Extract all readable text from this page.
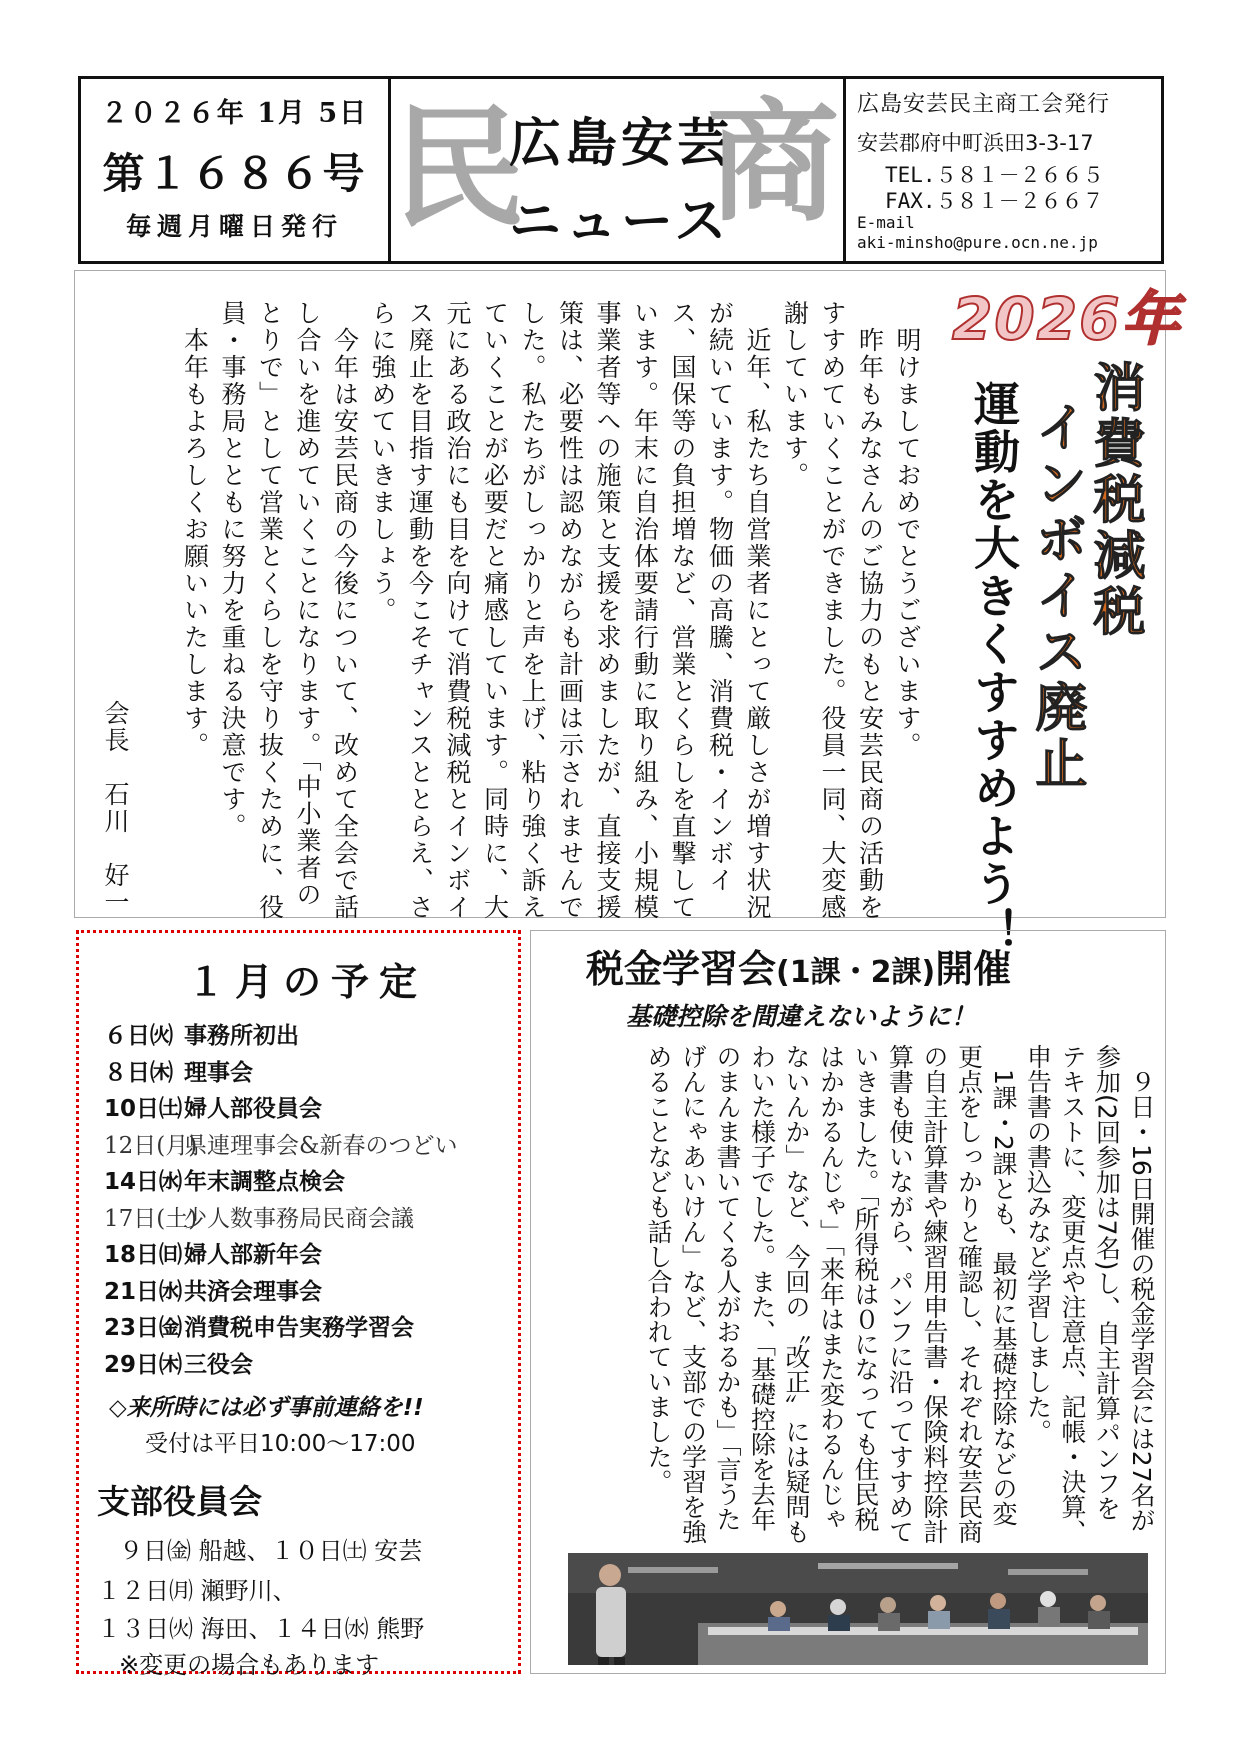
２０２６年 1月 5日
第１６８６号
毎週月曜日発行 民
広島安芸
ニュース
商 広島安芸民主商工会発行
安芸郡府中町浜田3-3-17
TEL.５８１－２６６５
FAX.５８１－２６６７
E-mail
aki-minsho@pure.ocn.ne.jp
2026年
消費税減税
インボイス廃止
運動を大きくすすめよう！
　明けましておめでとうございます。
　昨年もみなさんのご協力のもと安芸民商の活動を
すすめていくことができました。役員一同、大変感
謝しています。
　近年、私たち自営業者にとって厳しさが増す状況
が続いています。物価の高騰、消費税・インボイ
ス、国保等の負担増など、営業とくらしを直撃して
います。年末に自治体要請行動に取り組み、小規模
事業者等への施策と支援を求めましたが、直接支援
策は、必要性は認めながらも計画は示されませんで
した。私たちがしっかりと声を上げ、粘り強く訴え
ていくことが必要だと痛感しています。同時に、大
元にある政治にも目を向けて消費税減税とインボイ
ス廃止を目指す運動を今こそチャンスととらえ、さ
らに強めていきましょう。
　今年は安芸民商の今後について、改めて全会で話
し合いを進めていくことになります。「中小業者の
とりで」として営業とくらしを守り抜くために、役
員・事務局とともに努力を重ねる決意です。
　本年もよろしくお願いいたします。
会長　石川　好一
１月の予定
６日㈫ 事務所初出
８日㈭ 理事会
10日㈯婦人部役員会
12日(月)県連理事会&新春のつどい
14日㈬年末調整点検会
17日(土)少人数事務局民商会議
18日㈰婦人部新年会
21日㈬共済会理事会
23日㈮消費税申告実務学習会
29日㈭三役会
◇来所時には必ず事前連絡を!!
受付は平日10:00～17:00
支部役員会
９日㈮ 船越、１０日㈯ 安芸
１２日㈪ 瀬野川、
１３日㈫ 海田、１４日㈬ 熊野
※変更の場合もあります
税金学習会(1課・2課)開催
基礎控除を間違えないように！
　９日・16日開催の税金学習会には27名が
参加(2回参加は7名)し、自主計算パンフを
テキストに、変更点や注意点、記帳・決算、
申告書の書込みなど学習しました。
　1課・2課とも、最初に基礎控除などの変
更点をしっかりと確認し、それぞれ安芸民商
の自主計算書や練習用申告書・保険料控除計
算書も使いながら、パンフに沿ってすすめて
いきました。「所得税は０になっても住民税
はかかるんじゃ」「来年はまた変わるんじゃ
ないんか」など、今回の〝改正〟には疑問も
わいた様子でした。また、「基礎控除を去年
のまんま書いてくる人がおるかも」「言うた
げんにゃあいけん」など、支部での学習を強
めることなども話し合われていました。
